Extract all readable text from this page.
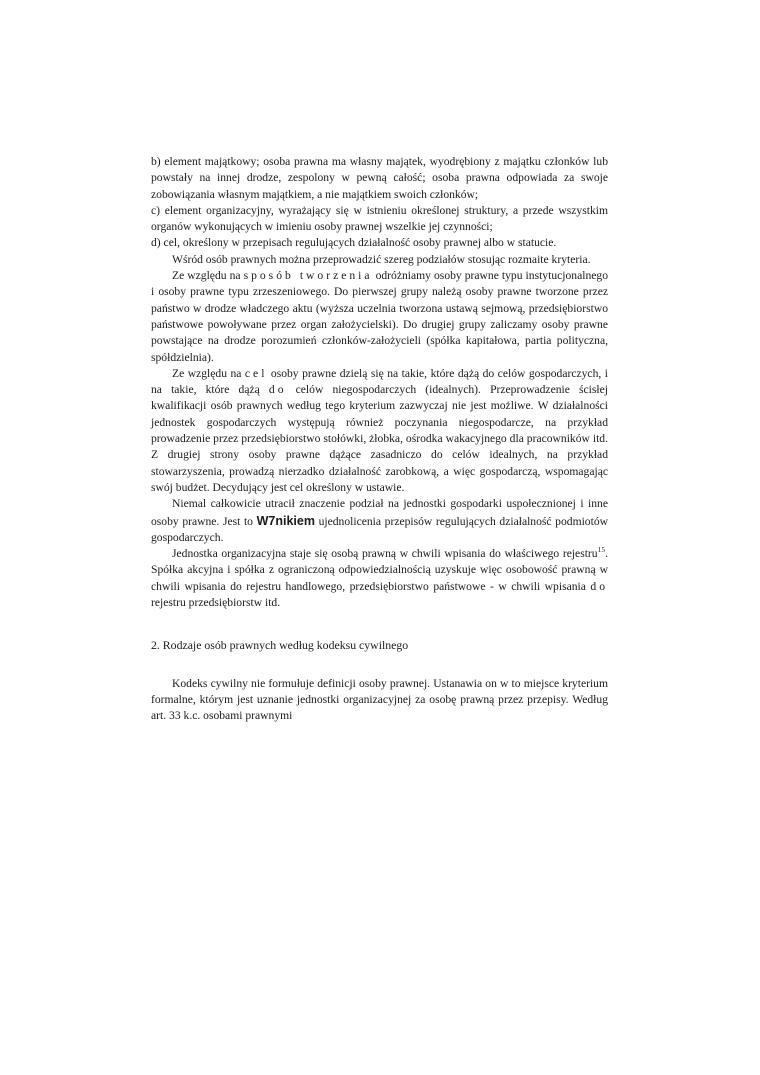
b) element majątkowy; osoba prawna ma własny majątek, wyodrębiony z majątku członków lub powstały na innej drodze, zespolony w pewną całość; osoba prawna odpowiada za swoje zobowiązania własnym majątkiem, a nie majątkiem swoich członków;

c) element organizacyjny, wyrażający się w istnieniu określonej struktury, a przede wszystkim organów wykonujących w imieniu osoby prawnej wszelkie jej czynności;

d) cel, określony w przepisach regulujących działalność osoby prawnej albo w statucie.

Wśród osób prawnych można przeprowadzić szereg podziałów stosując rozmaite kryteria.

Ze względu na sposób tworzenia odróżniamy osoby prawne typu instytucjonalnego i osoby prawne typu zrzeszeniowego. Do pierwszej grupy należą osoby prawne tworzone przez państwo w drodze władczego aktu (wyższa uczelnia tworzona ustawą sejmową, przedsiębiorstwo państwowe powoływane przez organ założycielski). Do drugiej grupy zaliczamy osoby prawne powstające na drodze porozumień członków-założycieli (spółka kapitałowa, partia polityczna, spółdzielnia).

Ze względu na cel osoby prawne dzielą się na takie, które dążą do celów gospodarczych, i na takie, które dążą do celów niegospodarczych (idealnych). Przeprowadzenie ścisłej kwalifikacji osób prawnych według tego kryterium zazwyczaj nie jest możliwe. W działalności jednostek gospodarczych występują również poczynania niegospodarcze, na przykład prowadzenie przez przedsiębiorstwo stołówki, żłobka, ośrodka wakacyjnego dla pracowników itd. Z drugiej strony osoby prawne dążące zasadniczo do celów idealnych, na przykład stowarzyszenia, prowadzą nierzadko działalność zarobkową, a więc gospodarczą, wspomagając swój budżet. Decydujący jest cel określony w ustawie.

Niemal całkowicie utracił znaczenie podział na jednostki gospodarki uspołecznionej i inne osoby prawne. Jest to W7nikiem ujednolicenia przepisów regulujących działalność podmiotów gospodarczych.

Jednostka organizacyjna staje się osobą prawną w chwili wpisania do właściwego rejestru$^{15}$. Spółka akcyjna i spółka z ograniczoną odpowiedzialnością uzyskuje więc osobowość prawną w chwili wpisania do rejestru handlowego, przedsiębiorstwo państwowe - w chwili wpisania do rejestru przedsiębiorstw itd.

2. Rodzaje osób prawnych według kodeksu cywilnego

Kodeks cywilny nie formułuje definicji osoby prawnej. Ustanawia on w to miejsce kryterium formalne, którym jest uznanie jednostki organizacyjnej za osobę prawną przez przepisy. Według art. 33 k.c. osobami prawnymi
